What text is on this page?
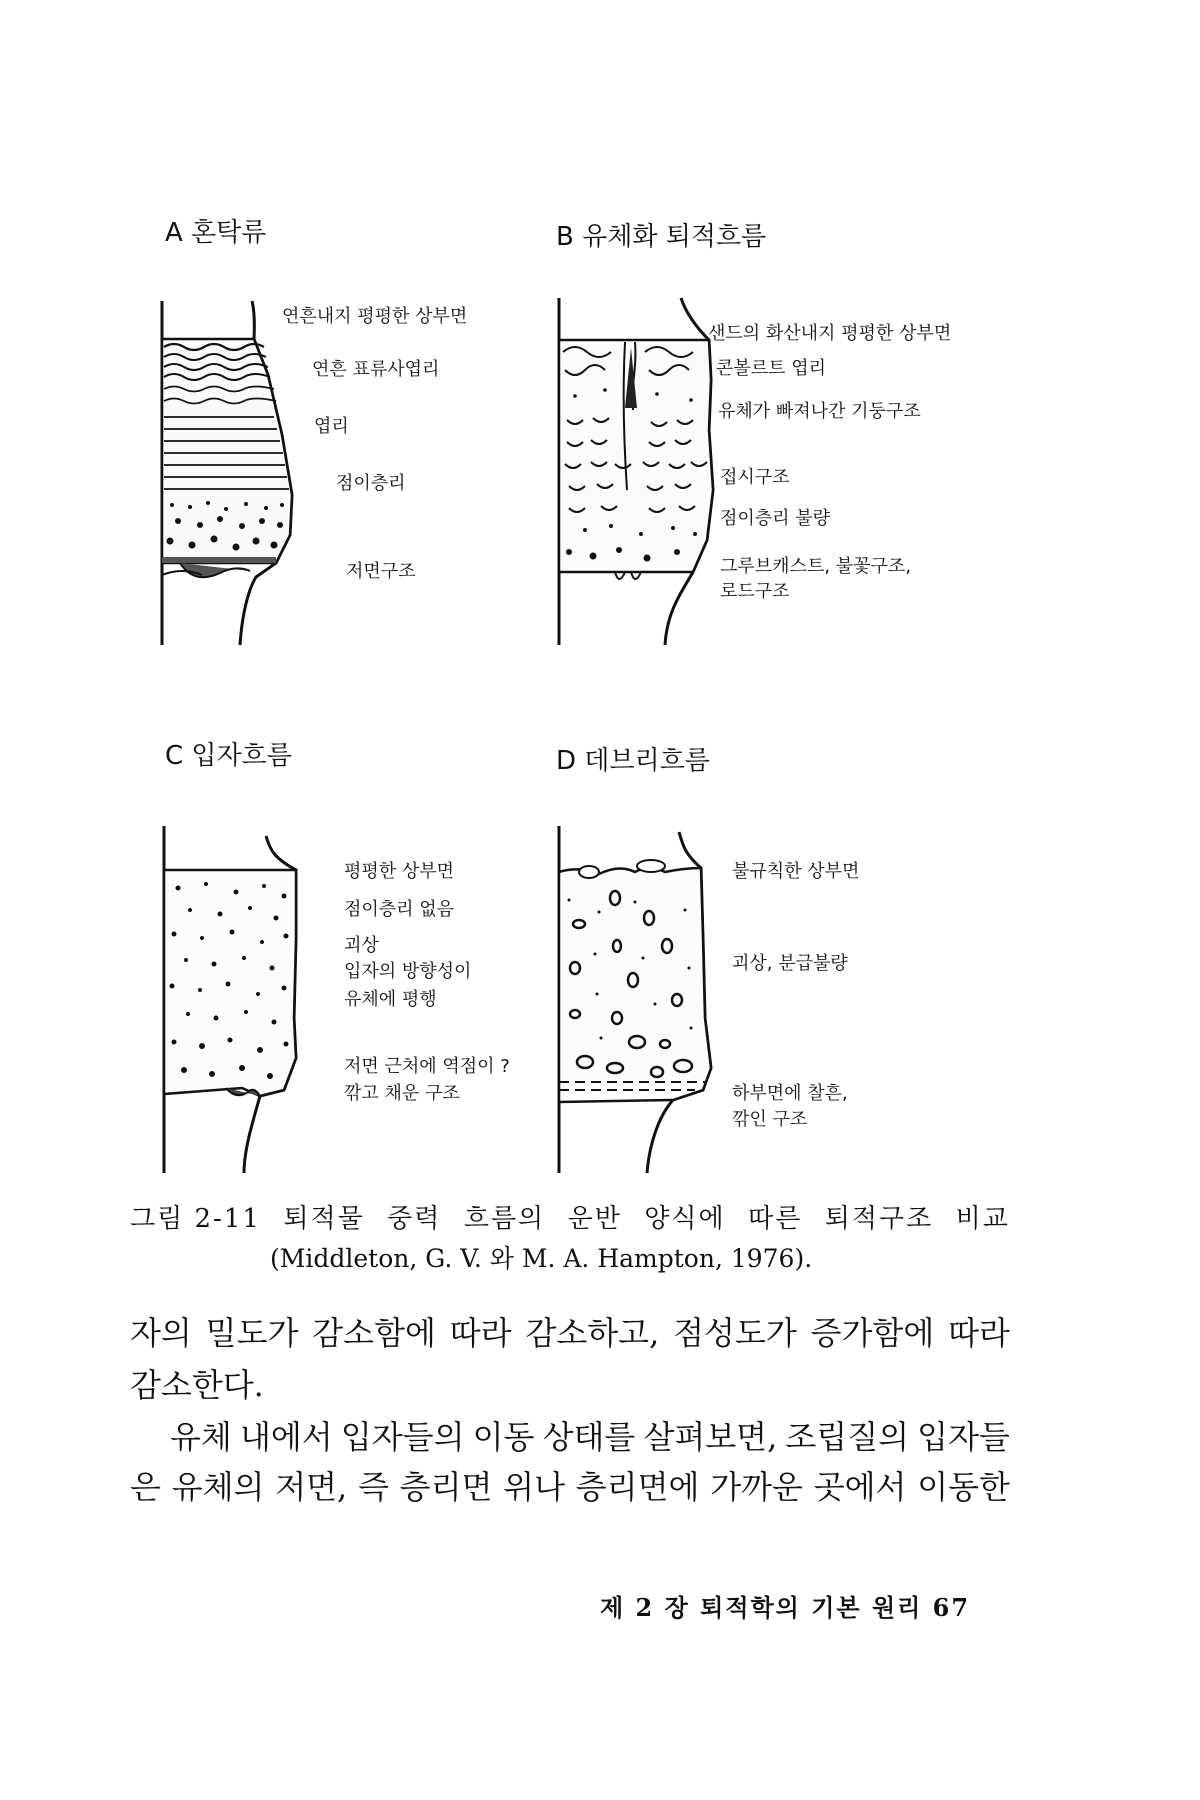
A 혼탁류	B 유체화 퇴적흐름
C 입자흐름	D 데브리흐름
연흔내지 평평한 상부면
연흔 표류사엽리
엽리
점이층리
저면구조
샌드의 화산내지 평평한 상부면
콘볼르트 엽리
유체가 빠져나간 기둥구조
접시구조
점이층리 불량
그루브캐스트, 불꽃구조,
로드구조
평평한 상부면
점이층리 없음
괴상
입자의 방향성이
유체에 평행
저면 근처에 역점이 ?
깎고 채운 구조
불규칙한 상부면
괴상, 분급불량
하부면에 찰흔,
깎인 구조
그림 2-11 퇴적물 중력 흐름의 운반 양식에 따른 퇴적구조 비교
(Middleton, G. V. 와 M. A. Hampton, 1976).
자의 밀도가 감소함에 따라 감소하고, 점성도가 증가함에 따라
감소한다.
유체 내에서 입자들의 이동 상태를 살펴보면, 조립질의 입자들
은 유체의 저면, 즉 층리면 위나 층리면에 가까운 곳에서 이동한
제 2 장 퇴적학의 기본 원리 67
